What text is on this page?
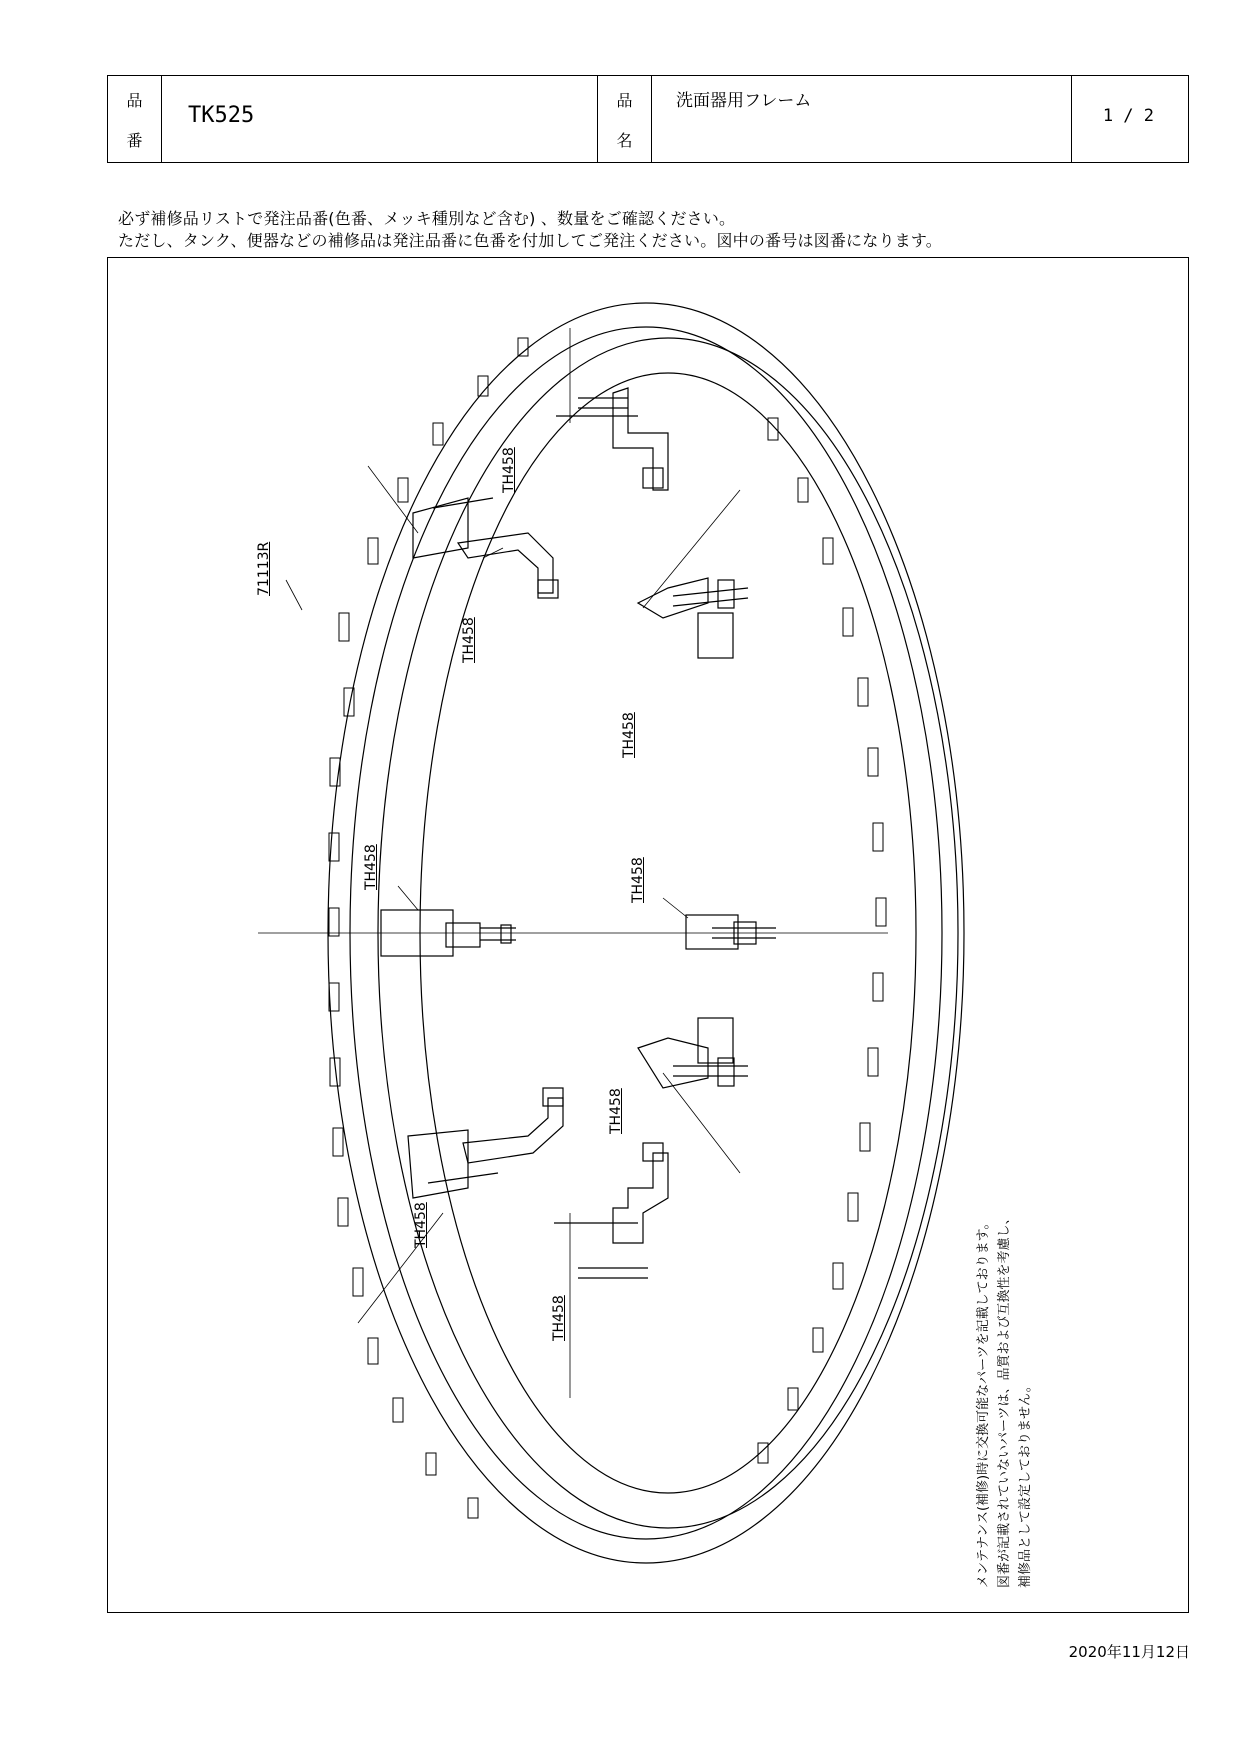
品
番
TK525
品
名
洗面器用フレーム
1 / 2
必ず補修品リストで発注品番(色番、メッキ種別など含む) 、数量をご確認ください。
ただし、タンク、便器などの補修品は発注品番に色番を付加してご発注ください。図中の番号は図番になります。
71113R
TH458
TH458
TH458
TH458	TH458
TH458
TH458
TH458	メンテナンス(補修)時に交換可能なパーツを記載しております。 図番が記載されていないパーツは、品質および互換性を考慮し、 補修品として設定しておりません。
2020年11月12日
